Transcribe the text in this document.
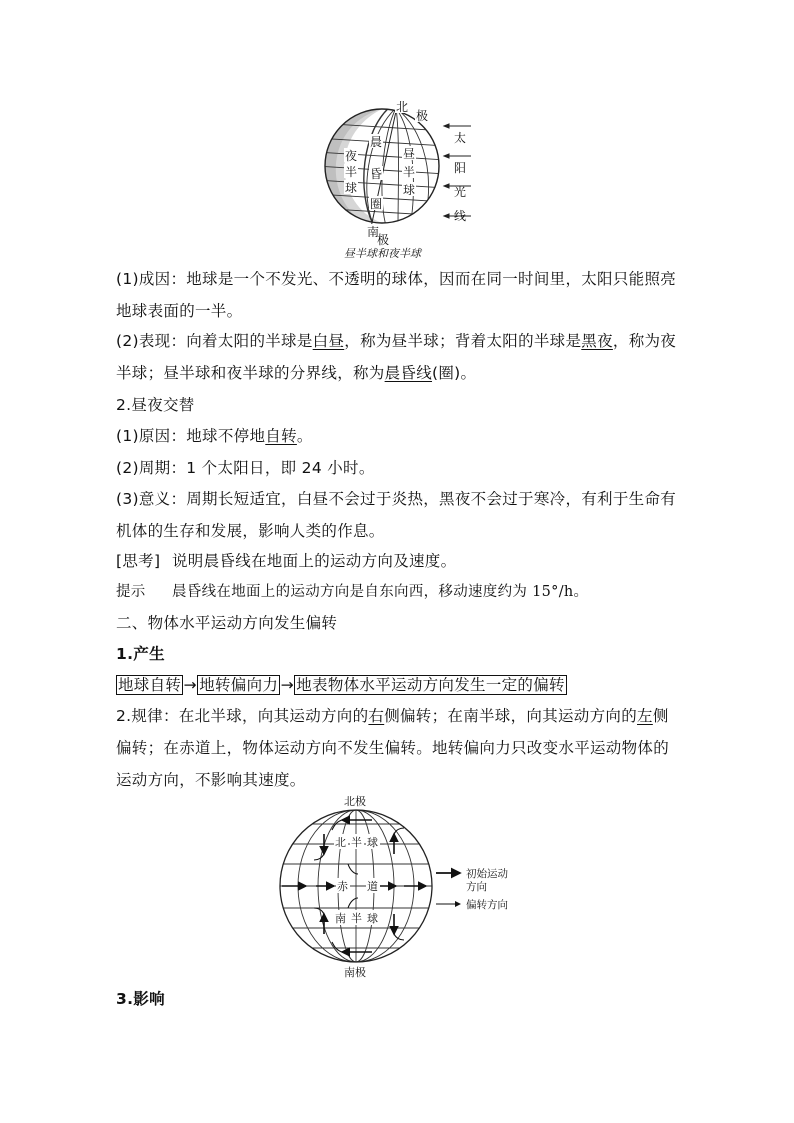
北
极
晨
夜
半
球
昏
圈
昼
半
球
南
极
太
阳
光
线
昼半球和夜半球
(1)成因：地球是一个不发光、不透明的球体，因而在同一时间里，太阳只能照亮
地球表面的一半。
(2)表现：向着太阳的半球是白昼，称为昼半球；背着太阳的半球是黑夜，称为夜
半球；昼半球和夜半球的分界线，称为晨昏线(圈)。
2.昼夜交替
(1)原因：地球不停地自转。
(2)周期：1 个太阳日，即 24 小时。
(3)意义：周期长短适宜，白昼不会过于炎热，黑夜不会过于寒冷，有利于生命有
机体的生存和发展，影响人类的作息。
[思考] 说明晨昏线在地面上的运动方向及速度。
提示 晨昏线在地面上的运动方向是自东向西，移动速度约为 15°/h。
二、物体水平运动方向发生偏转
1.产生
地球自转 → 地转偏向力 → 地表物体水平运动方向发生一定的偏转
2.规律：在北半球，向其运动方向的右侧偏转；在南半球，向其运动方向的左侧
偏转；在赤道上，物体运动方向不发生偏转。地转偏向力只改变水平运动物体的
运动方向，不影响其速度。
北极
北 半 球
赤 道
南 半 球
南极
初始运动
方向
偏转方向
3.影响
